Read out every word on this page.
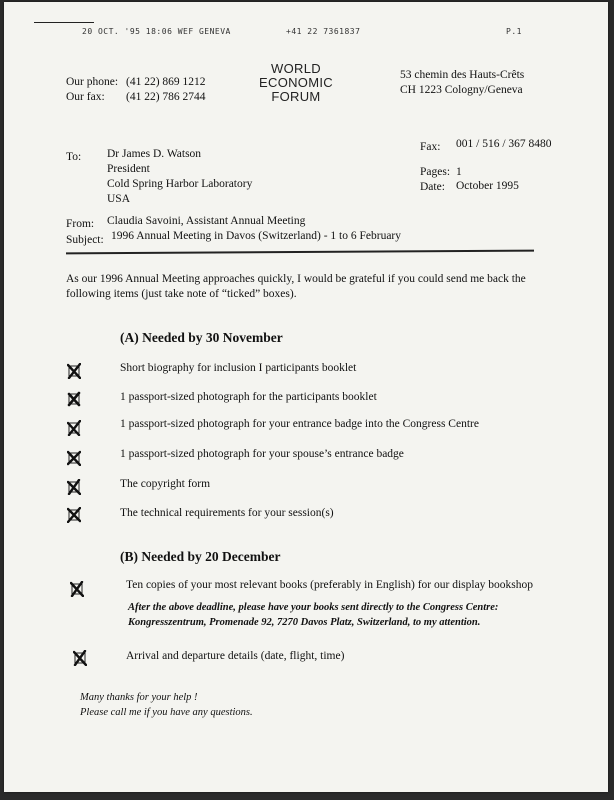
20 OCT. '95 18:06 WEF GENEVA	+41 22 7361837	P.1
Our phone: (41 22) 869 1212
Our fax: (41 22) 786 2744
WORLD
ECONOMIC
FORUM
53 chemin des Hauts-Crêts
CH 1223 Cologny/Geneva
To: Dr James D. Watson
President
Cold Spring Harbor Laboratory
USA
Fax: 001 / 516 / 367 8480
Pages: 1
Date: October 1995
From: Claudia Savoini, Assistant Annual Meeting
Subject: 1996 Annual Meeting in Davos (Switzerland) - 1 to 6 February
As our 1996 Annual Meeting approaches quickly, I would be grateful if you could send me back the
following items (just take note of “ticked” boxes).
(A) Needed by 30 November
Short biography for inclusion I participants booklet
1 passport-sized photograph for the participants booklet
1 passport-sized photograph for your entrance badge into the Congress Centre
1 passport-sized photograph for your spouse’s entrance badge
The copyright form
The technical requirements for your session(s)
(B) Needed by 20 December
Ten copies of your most relevant books (preferably in English) for our display bookshop
After the above deadline, please have your books sent directly to the Congress Centre:
Kongresszentrum, Promenade 92, 7270 Davos Platz, Switzerland, to my attention.
Arrival and departure details (date, flight, time)
Many thanks for your help !
Please call me if you have any questions.
